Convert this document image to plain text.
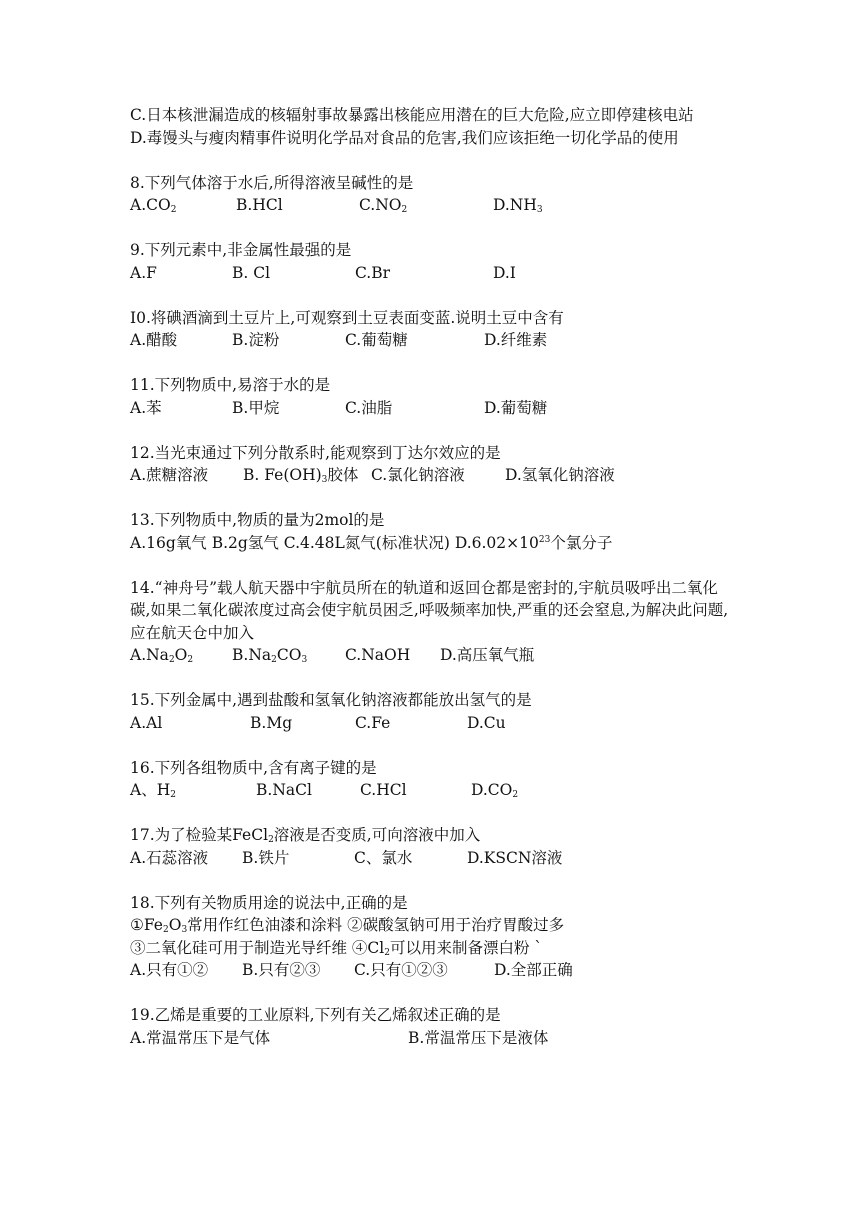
C.日本核泄漏造成的核辐射事故暴露出核能应用潜在的巨大危险,应立即停建核电站
D.毒馒头与瘦肉精事件说明化学品对食品的危害,我们应该拒绝一切化学品的使用
8.下列气体溶于水后,所得溶液呈碱性的是
$A.CO_2$	B.HCl	$C.NO_2$	$D.NH_3$
9.下列元素中,非金属性最强的是
A.F	B. Cl	C.Br	D.I
I0.将碘酒滴到土豆片上,可观察到土豆表面变蓝.说明土豆中含有
A.醋酸	B.淀粉	C.葡萄糖	D.纤维素
11.下列物质中,易溶于水的是
A.苯	B.甲烷	C.油脂	D.葡萄糖
12.当光束通过下列分散系时,能观察到丁达尔效应的是
A.蔗糖溶液 B. $Fe(OH)_3$胶体 C.氯化钠溶液	D.氢氧化钠溶液
13.下列物质中,物质的量为2mol的是
A.16g氧气 B.2g氢气 C.4.48L氮气(标准状况) $D.6.02\times 10^{23}$个氯分子
14.“神舟号”载人航天器中宇航员所在的轨道和返回仓都是密封的,宇航员吸呼出二氧化碳,如果二氧化碳浓度过高会使宇航员困乏,呼吸频率加快,严重的还会窒息,为解决此问题,应在航天仓中加入
$A.Na_2O_2$	$B.Na_2CO_3$ C.NaOH D.高压氧气瓶
15.下列金属中,遇到盐酸和氢氧化钠溶液都能放出氢气的是
A.Al	B.Mg	C.Fe	D.Cu
16.下列各组物质中,含有离子键的是
A、$H_2$	B.NaCl	C.HCl	$D.CO_2$
17.为了检验某FeCl$_2$溶液是否变质,可向溶液中加入
A.石蕊溶液 B.铁片	C、氯水	D.KSCN溶液
18.下列有关物质用途的说法中,正确的是
$①Fe_2O_3$常用作红色油漆和涂料 ②碳酸氢钠可用于治疗胃酸过多
③二氧化硅可用于制造光导纤维 $④Cl_2$可以用来制备漂白粉 `
A.只有①② B.只有②③ C.只有①②③	D.全部正确
19.乙烯是重要的工业原料,下列有关乙烯叙述正确的是
A.常温常压下是气体	B.常温常压下是液体
